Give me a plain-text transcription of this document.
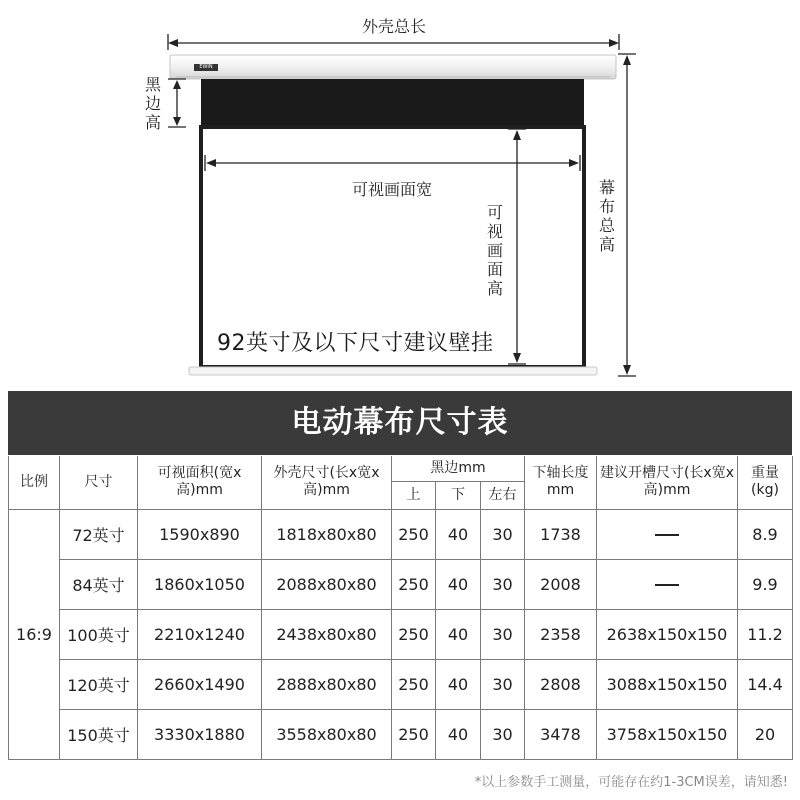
EWIN
外壳总长
黑边高
可视画面宽
可视画面高
幕布总高
92英寸及以下尺寸建议壁挂
电动幕布尺寸表
比例	尺寸	可视面积(宽x高)mm	外壳尺寸(长x宽x高)mm	黑边mm			下轴长度mm	建议开槽尺寸(长x宽x高)mm	重量(kg)
				上	下	左右			
16:9	72英寸	1590x890	1818x80x80	250	40	30	1738		8.9
	84英寸	1860x1050	2088x80x80	250	40	30	2008		9.9
	100英寸	2210x1240	2438x80x80	250	40	30	2358	2638x150x150	11.2
	120英寸	2660x1490	2888x80x80	250	40	30	2808	3088x150x150	14.4
	150英寸	3330x1880	3558x80x80	250	40	30	3478	3758x150x150	20
*以上参数手工测量，可能存在约1-3CM误差，请知悉!
